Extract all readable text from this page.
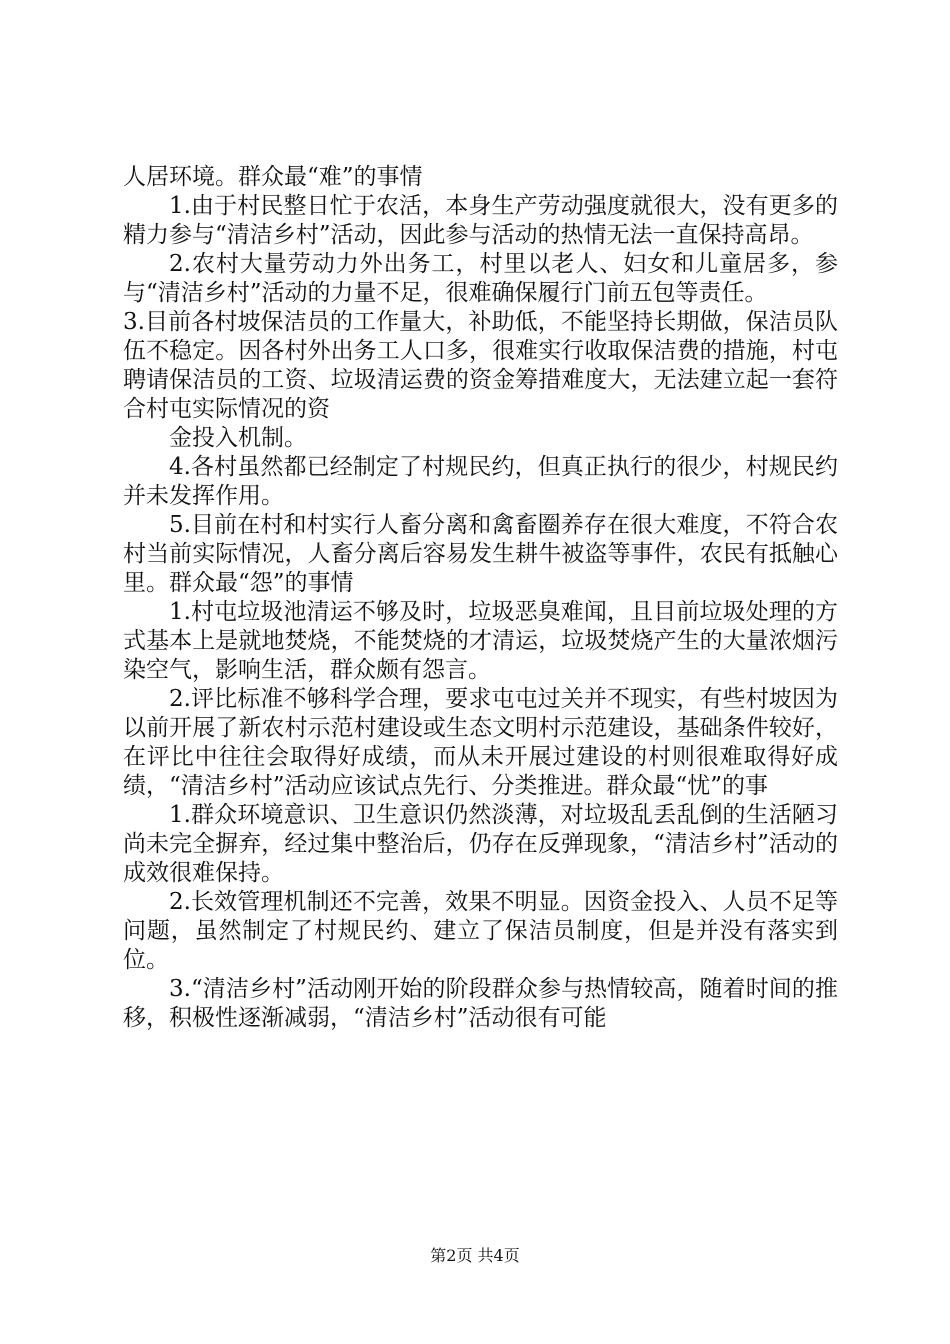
人居环境。群众最“难”的事情

1.由于村民整日忙于农活，本身生产劳动强度就很大，没有更多的精力参与“清洁乡村”活动，因此参与活动的热情无法一直保持高昂。

2.农村大量劳动力外出务工，村里以老人、妇女和儿童居多，参与“清洁乡村”活动的力量不足，很难确保履行门前五包等责任。

3.目前各村坡保洁员的工作量大，补助低，不能坚持长期做，保洁员队伍不稳定。因各村外出务工人口多，很难实行收取保洁费的措施，村屯聘请保洁员的工资、垃圾清运费的资金筹措难度大，无法建立起一套符合村屯实际情况的资

金投入机制。

4.各村虽然都已经制定了村规民约，但真正执行的很少，村规民约并未发挥作用。

5.目前在村和村实行人畜分离和禽畜圈养存在很大难度，不符合农村当前实际情况，人畜分离后容易发生耕牛被盗等事件，农民有抵触心里。群众最“怨”的事情

1.村屯垃圾池清运不够及时，垃圾恶臭难闻，且目前垃圾处理的方式基本上是就地焚烧，不能焚烧的才清运，垃圾焚烧产生的大量浓烟污染空气，影响生活，群众颇有怨言。

2.评比标准不够科学合理，要求屯屯过关并不现实，有些村坡因为以前开展了新农村示范村建设或生态文明村示范建设，基础条件较好，在评比中往往会取得好成绩，而从未开展过建设的村则很难取得好成绩，“清洁乡村”活动应该试点先行、分类推进。群众最“忧”的事

1.群众环境意识、卫生意识仍然淡薄，对垃圾乱丢乱倒的生活陋习尚未完全摒弃，经过集中整治后，仍存在反弹现象，“清洁乡村”活动的成效很难保持。

2.长效管理机制还不完善，效果不明显。因资金投入、人员不足等问题，虽然制定了村规民约、建立了保洁员制度，但是并没有落实到位。

3.“清洁乡村”活动刚开始的阶段群众参与热情较高，随着时间的推移，积极性逐渐减弱，“清洁乡村”活动很有可能

第2页 共4页
